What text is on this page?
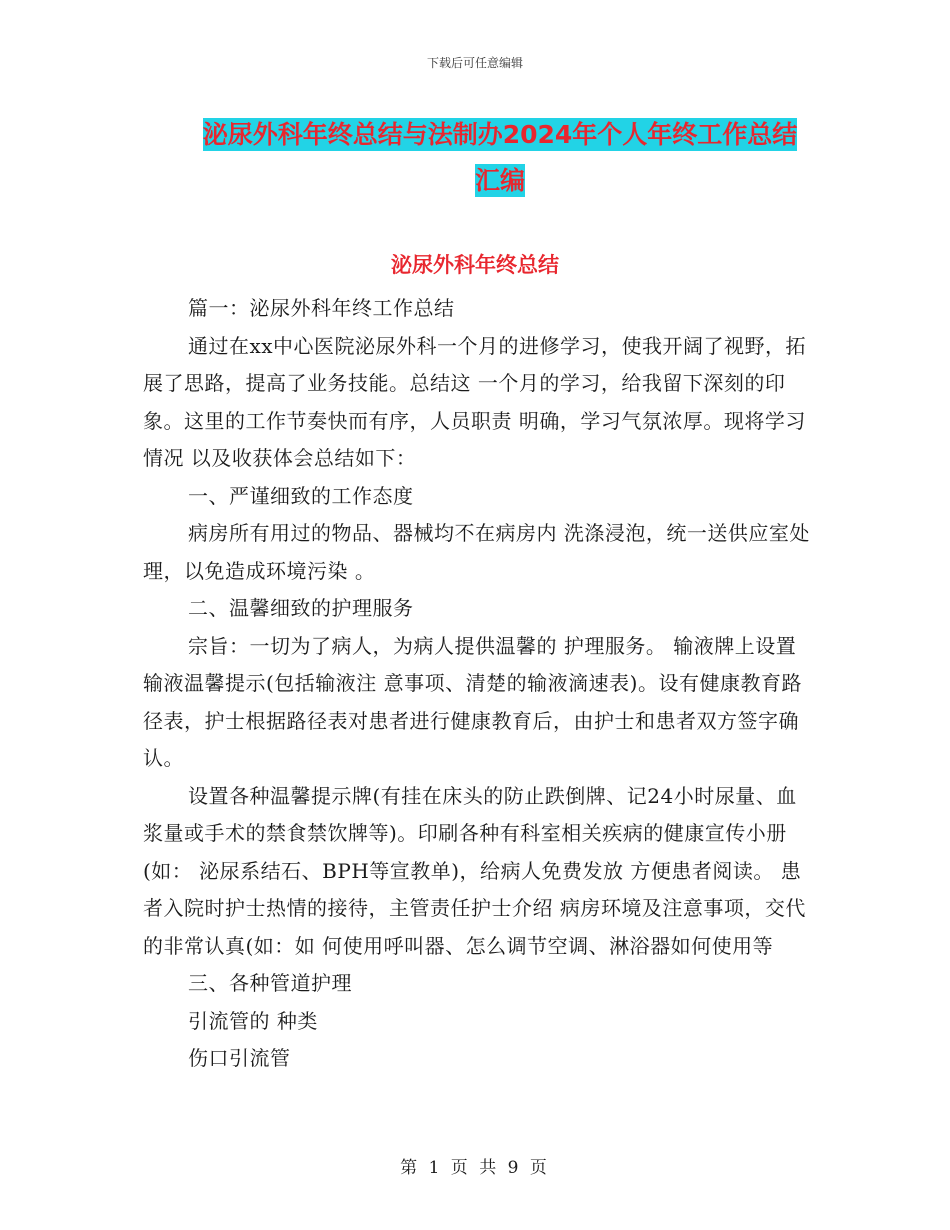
下载后可任意编辑
泌尿外科年终总结与法制办2024年个人年终工作总结
汇编
泌尿外科年终总结

篇一：泌尿外科年终工作总结

通过在xx中心医院泌尿外科一个月的进修学习，使我开阔了视野，拓展了思路，提高了业务技能。总结这 一个月的学习，给我留下深刻的印象。这里的工作节奏快而有序，人员职责 明确，学习气氛浓厚。现将学习情况 以及收获体会总结如下：

一、严谨细致的工作态度

病房所有用过的物品、器械均不在病房内 洗涤浸泡，统一送供应室处理，以免造成环境污染 。

二、温馨细致的护理服务

宗旨：一切为了病人，为病人提供温馨的 护理服务。 输液牌上设置输液温馨提示(包括输液注 意事项、清楚的输液滴速表)。设有健康教育路径表，护士根据路径表对患者进行健康教育后，由护士和患者双方签字确认。

设置各种温馨提示牌(有挂在床头的防止跌倒牌、记24小时尿量、血浆量或手术的禁食禁饮牌等)。印刷各种有科室相关疾病的健康宣传小册(如： 泌尿系结石、BPH等宣教单)，给病人免费发放 方便患者阅读。 患者入院时护士热情的接待，主管责任护士介绍 病房环境及注意事项，交代的非常认真(如：如 何使用呼叫器、怎么调节空调、淋浴器如何使用等

三、各种管道护理

引流管的 种类

伤口引流管

第 1 页 共 9 页
